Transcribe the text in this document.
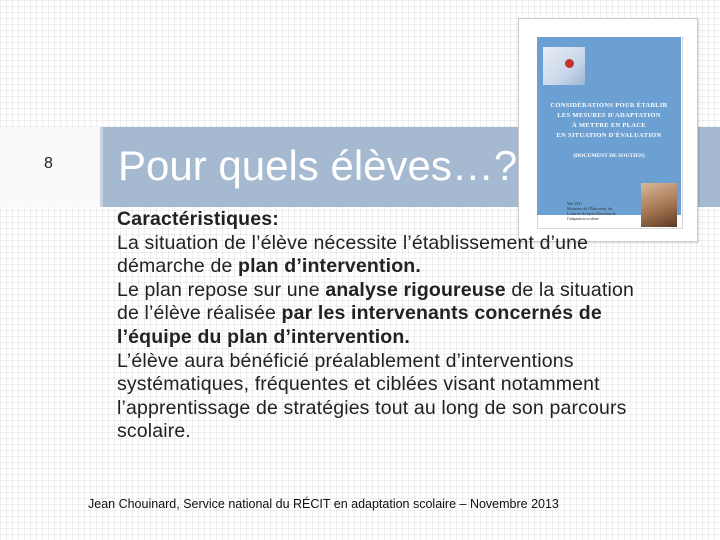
8 Pour quels élèves…?
CONSIDÉRATIONS POUR ÉTABLIR
LES MESURES D'ADAPTATION
À METTRE EN PLACE
EN SITUATION D'ÉVALUATION
(DOCUMENT DE SOUTIEN)
Mai 2011
Ministère de l'Éducation, du Loisir et du Sport Direction de l'adaptation scolaire

Caractéristiques:

La situation de l’élève nécessite l’établissement d’une démarche de plan d’intervention.

Le plan repose sur une analyse rigoureuse de la situation de l’élève réalisée par les intervenants concernés de l’équipe du plan d’intervention.

L’élève aura bénéficié préalablement d’interventions systématiques, fréquentes et ciblées visant notamment l’apprentissage de stratégies tout au long de son parcours scolaire.

Jean Chouinard, Service national du RÉCIT en adaptation scolaire – Novembre 2013
